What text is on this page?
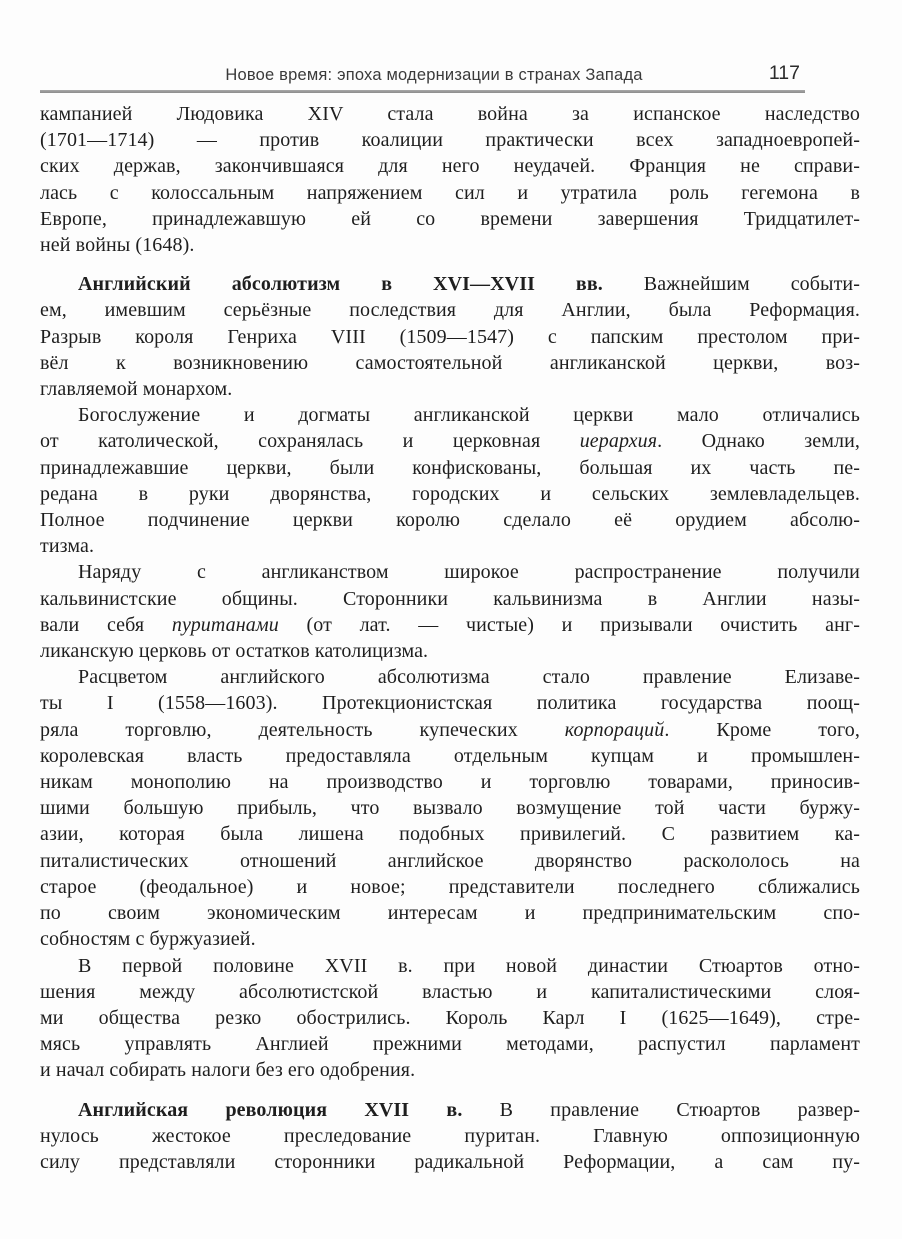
Новое время: эпоха модернизации в странах Запада	117
кампанией Людовика XIV стала война за испанское наследство
(1701—1714) — против коалиции практически всех западноевропей-
ских держав, закончившаяся для него неудачей. Франция не справи-
лась с колоссальным напряжением сил и утратила роль гегемона в
Европе, принадлежавшую ей со времени завершения Тридцатилет-
ней войны (1648).
Английский абсолютизм в XVI—XVII вв. Важнейшим событи-
ем, имевшим серьёзные последствия для Англии, была Реформация.
Разрыв короля Генриха VIII (1509—1547) с папским престолом при-
вёл к возникновению самостоятельной англиканской церкви, воз-
главляемой монархом.
Богослужение и догматы англиканской церкви мало отличались
от католической, сохранялась и церковная иерархия. Однако земли,
принадлежавшие церкви, были конфискованы, большая их часть пе-
редана в руки дворянства, городских и сельских землевладельцев.
Полное подчинение церкви королю сделало её орудием абсолю-
тизма.
Наряду с англиканством широкое распространение получили
кальвинистские общины. Сторонники кальвинизма в Англии назы-
вали себя пуританами (от лат. — чистые) и призывали очистить анг-
ликанскую церковь от остатков католицизма.
Расцветом английского абсолютизма стало правление Елизаве-
ты I (1558—1603). Протекционистская политика государства поощ-
ряла торговлю, деятельность купеческих корпораций. Кроме того,
королевская власть предоставляла отдельным купцам и промышлен-
никам монополию на производство и торговлю товарами, приносив-
шими большую прибыль, что вызвало возмущение той части буржу-
азии, которая была лишена подобных привилегий. С развитием ка-
питалистических отношений английское дворянство раскололось на
старое (феодальное) и новое; представители последнего сближались
по своим экономическим интересам и предпринимательским спо-
собностям с буржуазией.
В первой половине XVII в. при новой династии Стюартов отно-
шения между абсолютистской властью и капиталистическими слоя-
ми общества резко обострились. Король Карл I (1625—1649), стре-
мясь управлять Англией прежними методами, распустил парламент
и начал собирать налоги без его одобрения.
Английская революция XVII в. В правление Стюартов развер-
нулось жестокое преследование пуритан. Главную оппозиционную
силу представляли сторонники радикальной Реформации, а сам пу-
